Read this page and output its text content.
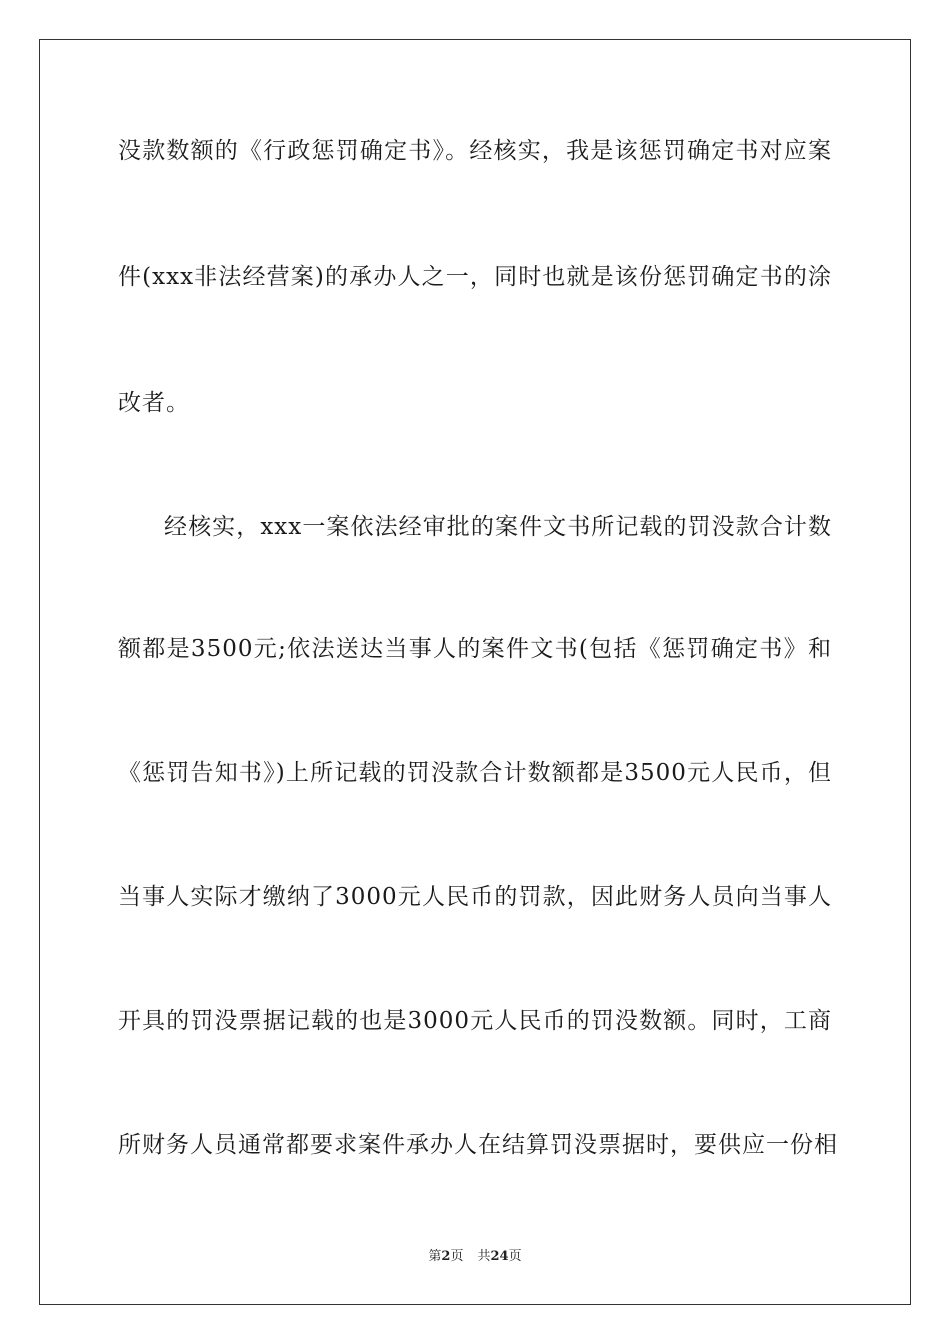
没款数额的《行政惩罚确定书》。经核实，我是该惩罚确定书对应案
件(xxx非法经营案)的承办人之一，同时也就是该份惩罚确定书的涂
改者。
经核实，xxx一案依法经审批的案件文书所记载的罚没款合计数
额都是3500元;依法送达当事人的案件文书(包括《惩罚确定书》和
《惩罚告知书》)上所记载的罚没款合计数额都是3500元人民币，但
当事人实际才缴纳了3000元人民币的罚款，因此财务人员向当事人
开具的罚没票据记载的也是3000元人民币的罚没数额。同时，工商
所财务人员通常都要求案件承办人在结算罚没票据时，要供应一份相
第2页 共24页
